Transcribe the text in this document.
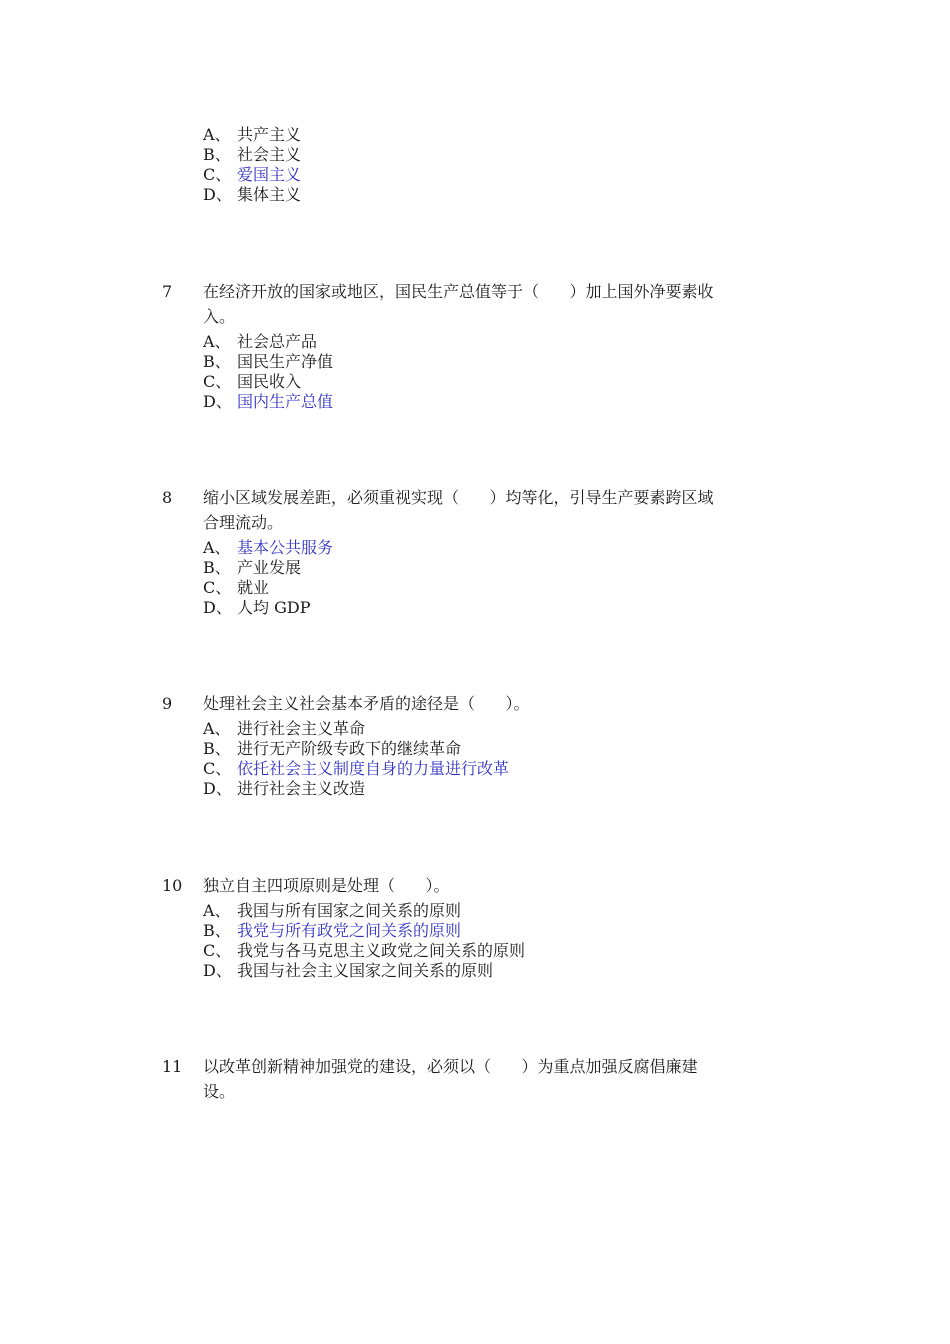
A、 共产主义
B、 社会主义
C、 爱国主义
D、 集体主义
7 在经济开放的国家或地区，国民生产总值等于（      ）加上国外净要素收
入。
A、 社会总产品
B、 国民生产净值
C、 国民收入
D、 国内生产总值
8 缩小区域发展差距，必须重视实现（      ）均等化，引导生产要素跨区域
合理流动。
A、 基本公共服务
B、 产业发展
C、 就业
D、 人均 GDP
9 处理社会主义社会基本矛盾的途径是（      ）。
A、 进行社会主义革命
B、 进行无产阶级专政下的继续革命
C、 依托社会主义制度自身的力量进行改革
D、 进行社会主义改造
10 独立自主四项原则是处理（      ）。
A、 我国与所有国家之间关系的原则
B、 我党与所有政党之间关系的原则
C、 我党与各马克思主义政党之间关系的原则
D、 我国与社会主义国家之间关系的原则
11 以改革创新精神加强党的建设，必须以（      ）为重点加强反腐倡廉建
设。
